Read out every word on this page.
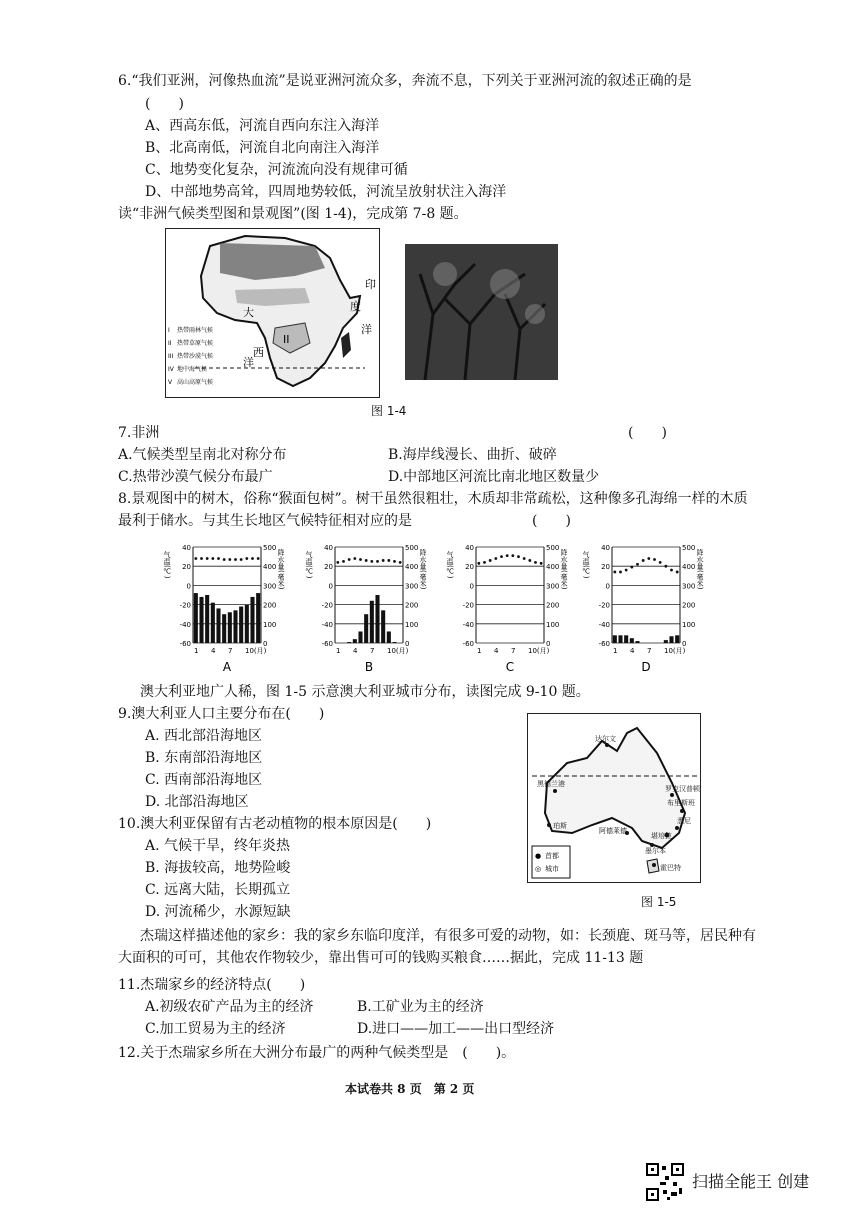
6.“我们亚洲，河像热血流”是说亚洲河流众多，奔流不息，下列关于亚洲河流的叙述正确的是
(　　)
A、西高东低，河流自西向东注入海洋
B、北高南低，河流自北向南注入海洋
C、地势变化复杂，河流流向没有规律可循
D、中部地势高耸，四周地势较低，河流呈放射状注入海洋
读“非洲气候类型图和景观图”(图 1-4)，完成第 7-8 题。
印
度
洋
大
西
洋
II
I 热带雨林气候
II 热带草原气候
III 热带沙漠气候
IV 地中海气候
V 高山高原气候
图 1-4
7.非洲	(　　)
A.气候类型呈南北对称分布	B.海岸线漫长、曲折、破碎
C.热带沙漠气候分布最广	D.中部地区河流比南北地区数量少
8.景观图中的树木，俗称“猴面包树”。树干虽然很粗壮，木质却非常疏松，这种像多孔海绵一样的木质
最利于储水。与其生长地区气候特征相对应的是	(　　)
40
20
0
-20
-40
-60
500
400
300
200
100
0
气温(℃)	降水量(毫米)
1 4 7 10(月)
A
40
20
0
-20
-40
-60
500
400
300
200
100
0
气温(℃)	降水量(毫米)
1 4 7 10(月)
B
40
20
0
-20
-40
-60
500
400
300
200
100
0
气温(℃)	降水量(毫米)
1 4 7 10(月)
C
40
20
0
-20
-40
-60
500
400
300
200
100
0
气温(℃)	降水量(毫米)
1 4 7 10(月)
D
澳大利亚地广人稀，图 1-5 示意澳大利亚城市分布，读图完成 9-10 题。
9.澳大利亚人口主要分布在(　　)
A. 西北部沿海地区
B. 东南部沿海地区
C. 西南部沿海地区
D. 北部沿海地区
10.澳大利亚保留有古老动植物的根本原因是(　　)
A. 气候干旱，终年炎热
B. 海拔较高，地势险峻
C. 远离大陆，长期孤立
D. 河流稀少，水源短缺
达尔文
罗克汉普顿
布里斯班
黑德兰港
珀斯
阿德莱德
悉尼
堪培拉
墨尔本
霍巴特
● 首都
◎ 城市
图 1-5
杰瑞这样描述他的家乡：我的家乡东临印度洋，有很多可爱的动物，如：长颈鹿、斑马等，居民种有
大面积的可可，其他农作物较少，靠出售可可的钱购买粮食……据此，完成 11-13 题
11.杰瑞家乡的经济特点(　　)
A.初级农矿产品为主的经济	B.工矿业为主的经济
C.加工贸易为主的经济	D.进口——加工——出口型经济
12.关于杰瑞家乡所在大洲分布最广的两种气候类型是　(　　)。
本试卷共 8 页　第 2 页
扫描全能王 创建
